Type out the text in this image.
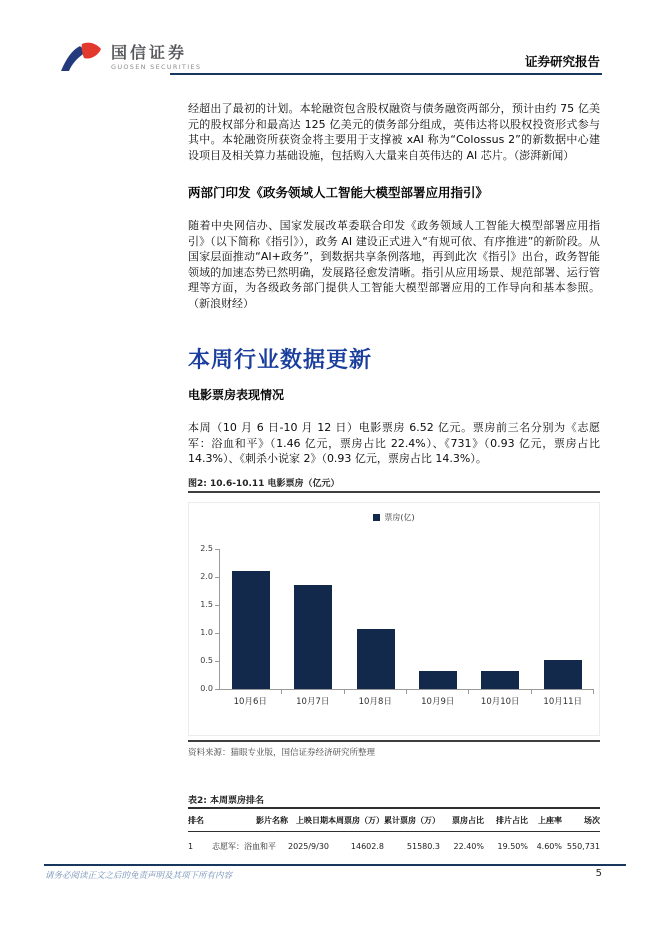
国信证券
GUOSEN SECURITIES	证券研究报告

经超出了最初的计划。本轮融资包含股权融资与债务融资两部分，预计由约 75 亿美元的股权部分和最高达 125 亿美元的债务部分组成，英伟达将以股权投资形式参与其中。本轮融资所获资金将主要用于支撑被 xAI 称为“Colossus 2”的新数据中心建设项目及相关算力基础设施，包括购入大量来自英伟达的 AI 芯片。（澎湃新闻）

两部门印发《政务领域人工智能大模型部署应用指引》

随着中央网信办、国家发展改革委联合印发《政务领域人工智能大模型部署应用指引》（以下简称《指引》），政务 AI 建设正式进入“有规可依、有序推进”的新阶段。从国家层面推动“AI+政务”，到数据共享条例落地，再到此次《指引》出台，政务智能领域的加速态势已然明确，发展路径愈发清晰。指引从应用场景、规范部署、运行管理等方面，为各级政务部门提供人工智能大模型部署应用的工作导向和基本参照。（新浪财经）

本周行业数据更新
电影票房表现情况

本周（10 月 6 日-10 月 12 日）电影票房 6.52 亿元。票房前三名分别为《志愿军：浴血和平》（1.46 亿元，票房占比 22.4%）、《731》（0.93 亿元，票房占比 14.3%）、《刺杀小说家 2》（0.93 亿元，票房占比 14.3%）。

图2: 10.6-10.11 电影票房（亿元）
票房(亿)
0.0
0.5
1.0
1.5
2.0
2.5
10月6日	10月7日	10月8日	10月9日	10月10日	10月11日
资料来源：猫眼专业版，国信证券经济研究所整理
表2: 本周票房排名
排名	影片名称	上映日期	本周票房（万）	累计票房（万）	票房占比	排片占比	上座率	场次
1	志愿军：浴血和平	2025/9/30	14602.8	51580.3	22.40%	19.50%	4.60%	550,731
请务必阅读正文之后的免责声明及其项下所有内容	5
